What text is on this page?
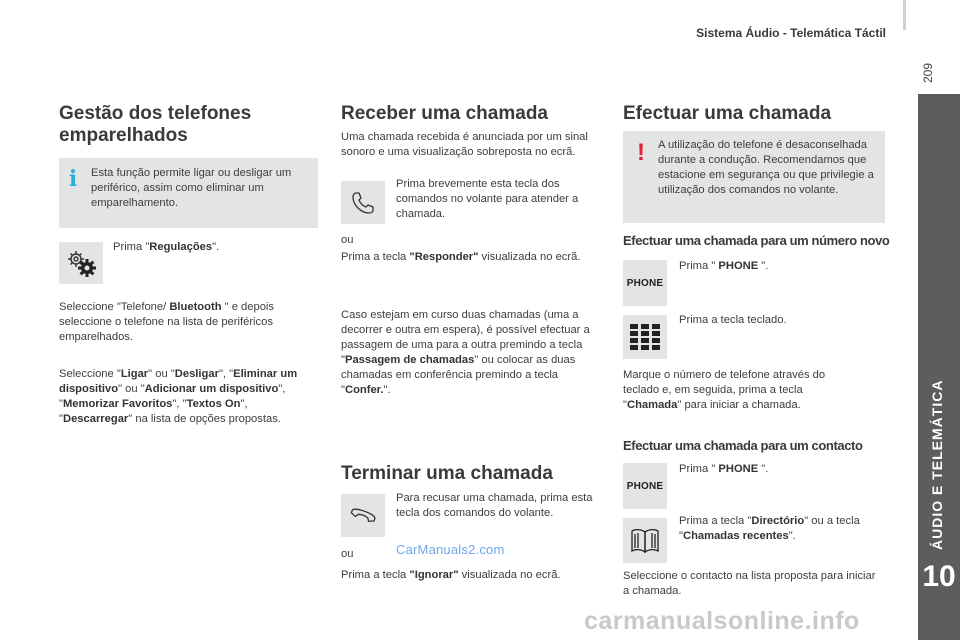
Sistema Áudio - Telemática Táctil
209
ÁUDIO E TELEMÁTICA
10
Gestão dos telefones
emparelhados
i Esta função permite ligar ou desligar um periférico, assim como eliminar um emparelhamento.

Prima "Regulações".

Seleccione "Telefone/ Bluetooth " e depois seleccione o telefone na lista de periféricos emparelhados.

Seleccione "Ligar" ou "Desligar", "Eliminar um dispositivo" ou "Adicionar um dispositivo", "Memorizar Favoritos", "Textos On", "Descarregar" na lista de opções propostas.

Receber uma chamada

Uma chamada recebida é anunciada por um sinal sonoro e uma visualização sobreposta no ecrã.

Prima brevemente esta tecla dos comandos no volante para atender a chamada.

ou

Prima a tecla "Responder" visualizada no ecrã.

Caso estejam em curso duas chamadas (uma a decorrer e outra em espera), é possível efectuar a passagem de uma para a outra premindo a tecla "Passagem de chamadas" ou colocar as duas chamadas em conferência premindo a tecla "Confer.".

Terminar uma chamada

Para recusar uma chamada, prima esta tecla dos comandos do volante.

ou	CarManuals2.com

Prima a tecla "Ignorar" visualizada no ecrã.

Efectuar uma chamada
! A utilização do telefone é desaconselhada durante a condução. Recomendamos que estacione em segurança ou que privilegie a utilização dos comandos no volante.

Efectuar uma chamada para um número novo
PHONE

Prima " PHONE ".

Prima a tecla teclado.

Marque o número de telefone através do teclado e, em seguida, prima a tecla "Chamada" para iniciar a chamada.

Efectuar uma chamada para um contacto
PHONE

Prima " PHONE ".

Prima a tecla "Directório" ou a tecla "Chamadas recentes".

Seleccione o contacto na lista proposta para iniciar a chamada.

carmanualsonline.info
